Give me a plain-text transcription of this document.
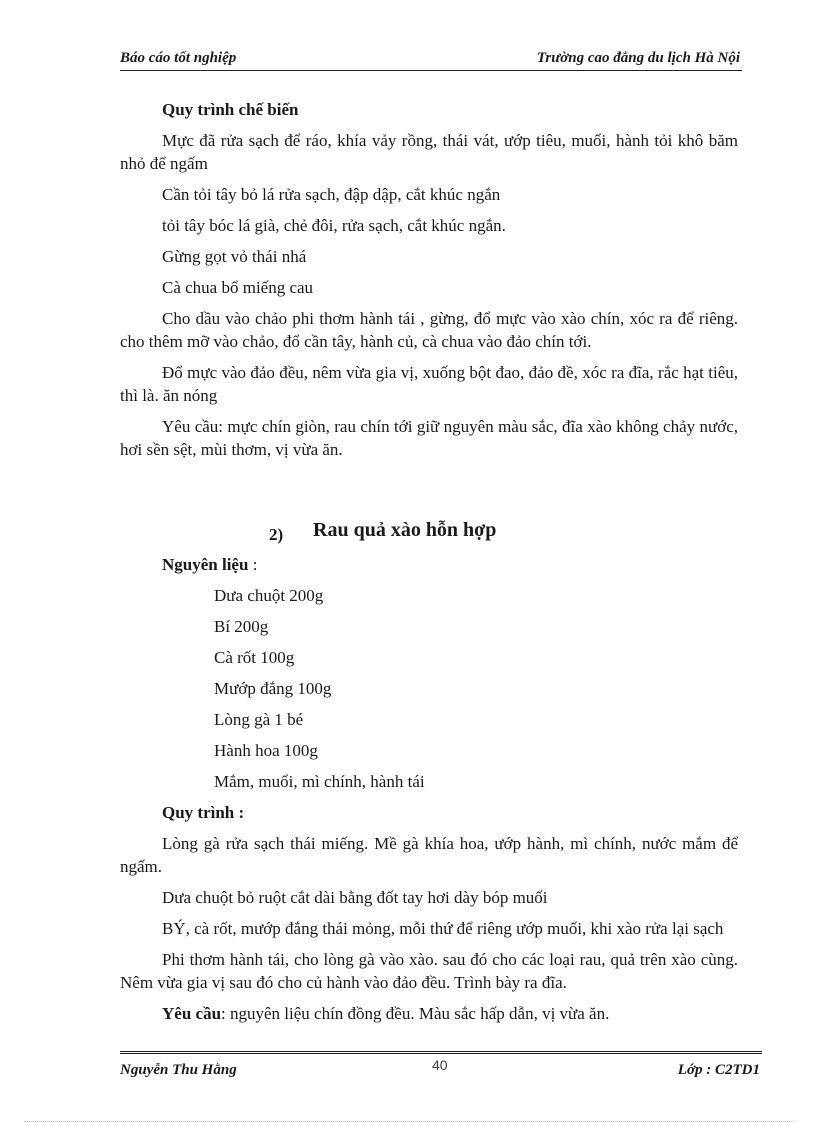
Báo cáo tốt nghiệp	Trường cao đẳng du lịch Hà Nội
Quy trình chế biến

Mực đã rửa sạch để ráo, khía vảy rồng, thái vát, ướp tiêu, muối, hành tỏi khô băm nhỏ để ngấm

Cần tỏi tây bỏ lá rửa sạch, đập dập, cắt khúc ngắn

tỏi tây bóc lá già, chẻ đôi, rửa sạch, cắt khúc ngắn.

Gừng gọt vỏ thái nhá

Cà chua bổ miếng cau

Cho dầu vào chảo phi thơm hành tái , gừng, đổ mực vào xào chín, xóc ra để riêng. cho thêm mỡ vào chảo, đổ cần tây, hành củ, cà chua vào đảo chín tới.

Đổ mực vào đảo đều, nêm vừa gia vị, xuống bột đao, đảo đề, xóc ra đĩa, rắc hạt tiêu, thì là. ăn nóng

Yêu cầu: mực chín giòn, rau chín tới giữ nguyên màu sắc, đĩa xào không chảy nước, hơi sền sệt, mùi thơm, vị vừa ăn.

2) Rau quả xào hỗn hợp

Nguyên liệu :

Dưa chuột 200g
Bí 200g
Cà rốt 100g
Mướp đắng 100g
Lòng gà 1 bé
Hành hoa 100g
Mắm, muối, mì chính, hành tái
Quy trình :

Lòng gà rửa sạch thái miếng. Mề gà khía hoa, ướp hành, mì chính, nước mắm để ngấm.

Dưa chuột bỏ ruột cắt dài bằng đốt tay hơi dày bóp muối

BÝ, cà rốt, mướp đắng thái mỏng, mỗi thứ để riêng ướp muối, khi xào rửa lại sạch

Phi thơm hành tái, cho lòng gà vào xào. sau đó cho các loại rau, quả trên xào cùng. Nêm vừa gia vị sau đó cho củ hành vào đảo đều. Trình bày ra đĩa.

Yêu cầu: nguyên liệu chín đồng đều. Màu sắc hấp dẫn, vị vừa ăn.

Nguyễn Thu Hằng	40	Lớp : C2TD1
